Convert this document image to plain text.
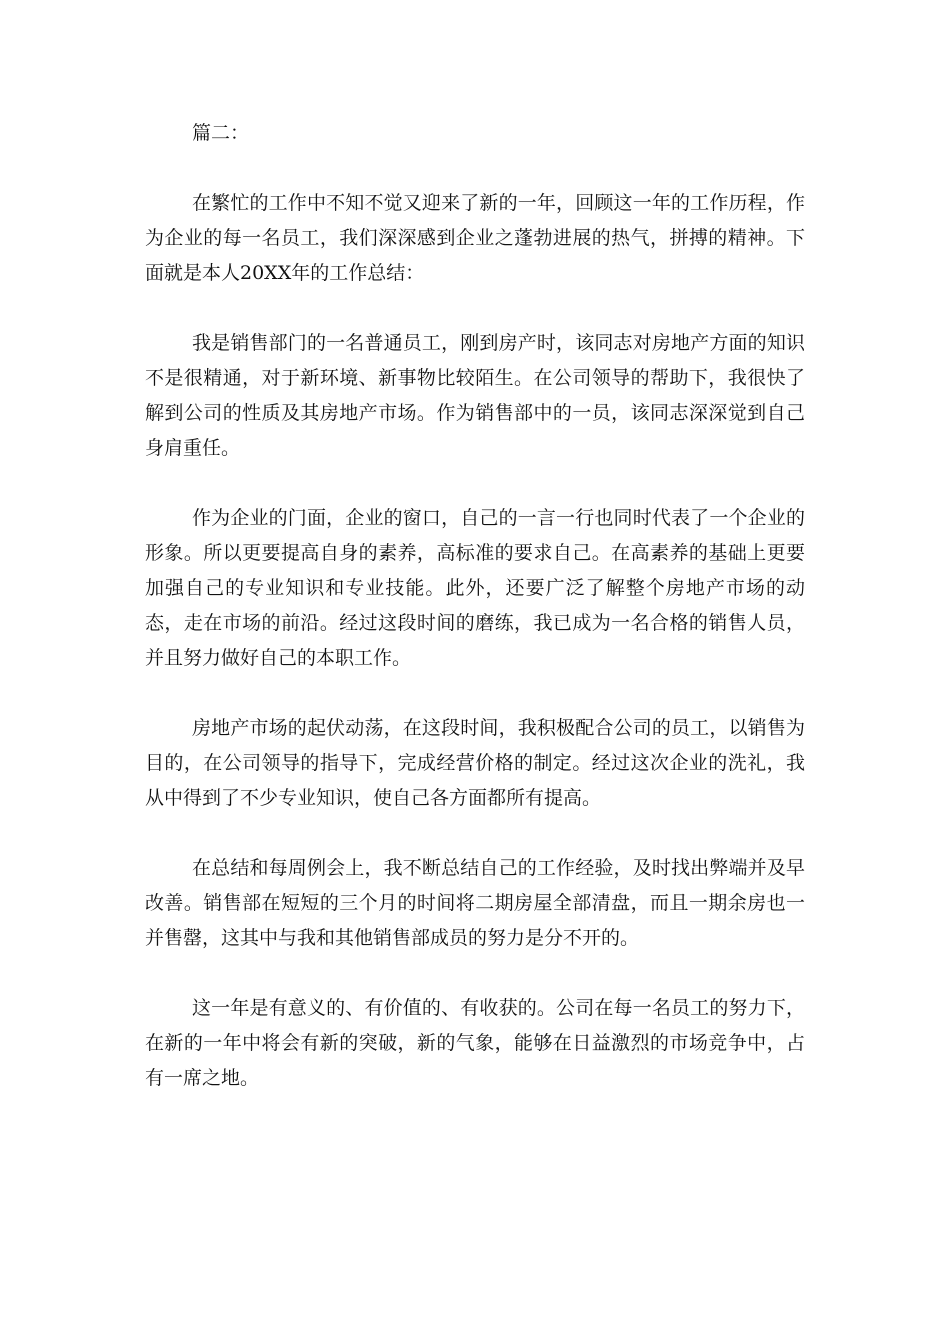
篇二：

在繁忙的工作中不知不觉又迎来了新的一年，回顾这一年的工作历程，作为企业的每一名员工，我们深深感到企业之蓬勃进展的热气，拼搏的精神。下面就是本人20XX年的工作总结：

我是销售部门的一名普通员工，刚到房产时，该同志对房地产方面的知识不是很精通，对于新环境、新事物比较陌生。在公司领导的帮助下，我很快了解到公司的性质及其房地产市场。作为销售部中的一员，该同志深深觉到自己身肩重任。

作为企业的门面，企业的窗口，自己的一言一行也同时代表了一个企业的形象。所以更要提高自身的素养，高标准的要求自己。在高素养的基础上更要加强自己的专业知识和专业技能。此外，还要广泛了解整个房地产市场的动态，走在市场的前沿。经过这段时间的磨练，我已成为一名合格的销售人员，并且努力做好自己的本职工作。

房地产市场的起伏动荡，在这段时间，我积极配合公司的员工，以销售为目的，在公司领导的指导下，完成经营价格的制定。经过这次企业的洗礼，我从中得到了不少专业知识，使自己各方面都所有提高。

在总结和每周例会上，我不断总结自己的工作经验，及时找出弊端并及早改善。销售部在短短的三个月的时间将二期房屋全部清盘，而且一期余房也一并售罄，这其中与我和其他销售部成员的努力是分不开的。

这一年是有意义的、有价值的、有收获的。公司在每一名员工的努力下，在新的一年中将会有新的突破，新的气象，能够在日益激烈的市场竞争中，占有一席之地。
